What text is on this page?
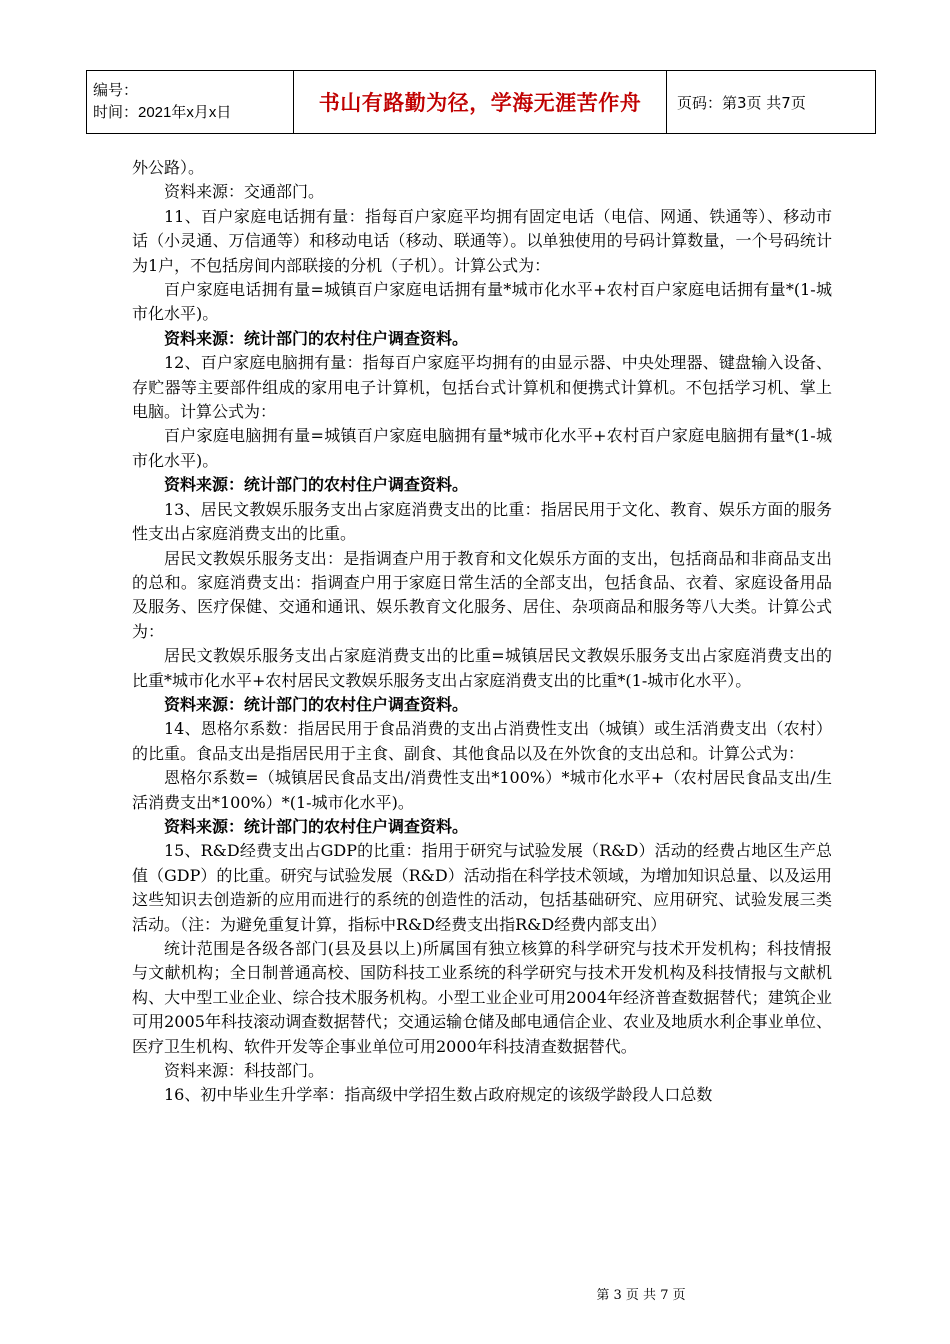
编号：
时间：2021年x月x日	书山有路勤为径，学海无涯苦作舟	页码：第3页 共7页

外公路）。

资料来源：交通部门。

11、百户家庭电话拥有量：指每百户家庭平均拥有固定电话（电信、网通、铁通等）、移动市话（小灵通、万信通等）和移动电话（移动、联通等）。以单独使用的号码计算数量，一个号码统计为1户，不包括房间内部联接的分机（子机）。计算公式为：

百户家庭电话拥有量=城镇百户家庭电话拥有量*城市化水平+农村百户家庭电话拥有量*(1-城市化水平)。

资料来源：统计部门的农村住户调查资料。

12、百户家庭电脑拥有量：指每百户家庭平均拥有的由显示器、中央处理器、键盘输入设备、存贮器等主要部件组成的家用电子计算机，包括台式计算机和便携式计算机。不包括学习机、掌上电脑。计算公式为：

百户家庭电脑拥有量=城镇百户家庭电脑拥有量*城市化水平+农村百户家庭电脑拥有量*(1-城市化水平)。

资料来源：统计部门的农村住户调查资料。

13、居民文教娱乐服务支出占家庭消费支出的比重：指居民用于文化、教育、娱乐方面的服务性支出占家庭消费支出的比重。

居民文教娱乐服务支出：是指调查户用于教育和文化娱乐方面的支出，包括商品和非商品支出的总和。家庭消费支出：指调查户用于家庭日常生活的全部支出，包括食品、衣着、家庭设备用品及服务、医疗保健、交通和通讯、娱乐教育文化服务、居住、杂项商品和服务等八大类。计算公式为：

居民文教娱乐服务支出占家庭消费支出的比重=城镇居民文教娱乐服务支出占家庭消费支出的比重*城市化水平+农村居民文教娱乐服务支出占家庭消费支出的比重*(1-城市化水平）。

资料来源：统计部门的农村住户调查资料。

14、恩格尔系数：指居民用于食品消费的支出占消费性支出（城镇）或生活消费支出（农村）的比重。食品支出是指居民用于主食、副食、其他食品以及在外饮食的支出总和。计算公式为：

恩格尔系数=（城镇居民食品支出/消费性支出*100%）*城市化水平+（农村居民食品支出/生活消费支出*100%）*(1-城市化水平)。

资料来源：统计部门的农村住户调查资料。

15、R&D经费支出占GDP的比重：指用于研究与试验发展（R&D）活动的经费占地区生产总值（GDP）的比重。研究与试验发展（R&D）活动指在科学技术领域，为增加知识总量、以及运用这些知识去创造新的应用而进行的系统的创造性的活动，包括基础研究、应用研究、试验发展三类活动。（注：为避免重复计算，指标中R&D经费支出指R&D经费内部支出）

统计范围是各级各部门(县及县以上)所属国有独立核算的科学研究与技术开发机构；科技情报与文献机构；全日制普通高校、国防科技工业系统的科学研究与技术开发机构及科技情报与文献机构、大中型工业企业、综合技术服务机构。小型工业企业可用2004年经济普查数据替代；建筑企业可用2005年科技滚动调查数据替代；交通运输仓储及邮电通信企业、农业及地质水利企事业单位、医疗卫生机构、软件开发等企事业单位可用2000年科技清查数据替代。

资料来源：科技部门。

16、初中毕业生升学率：指高级中学招生数占政府规定的该级学龄段人口总数

第 3 页 共 7 页
